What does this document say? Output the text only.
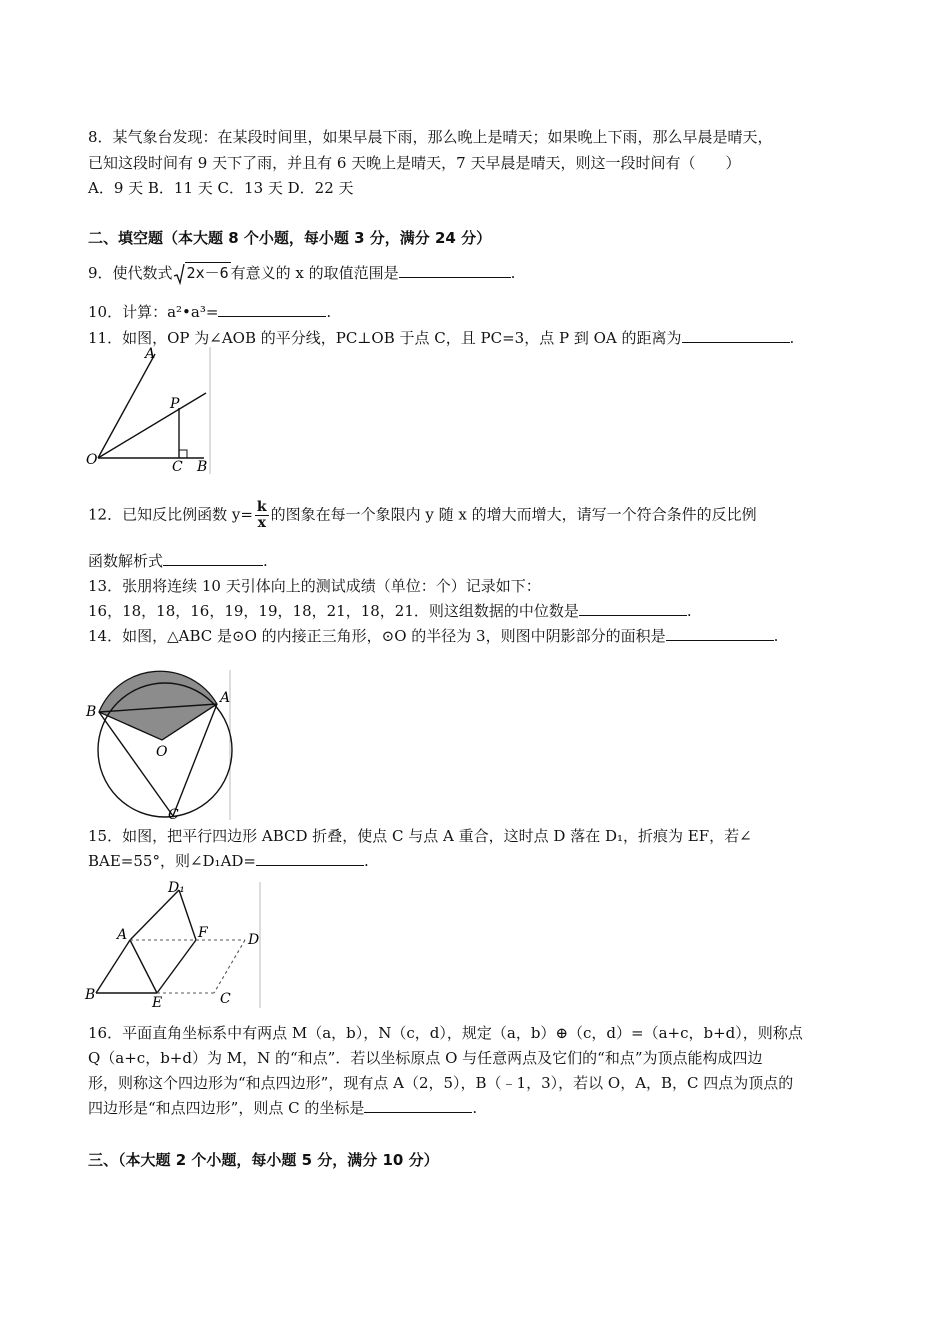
8．某气象台发现：在某段时间里，如果早晨下雨，那么晚上是晴天；如果晚上下雨，那么早晨是晴天，
已知这段时间有 9 天下了雨，并且有 6 天晚上是晴天，7 天早晨是晴天，则这一段时间有（　　）
A．9 天 B．11 天 C．13 天 D．22 天
二、填空题（本大题 8 个小题，每小题 3 分，满分 24 分）
9．使代数式 2x－6 有意义的 x 的取值范围是	.
10．计算：a²•a³=	.
11．如图，OP 为∠AOB 的平分线，PC⊥OB 于点 C，且 PC=3，点 P 到 OA 的距离为	.
A
P
O	C B
12．已知反比例函数 $y= \frac{k}{x}$ 的图象在每一个象限内 y 随 x 的增大而增大，请写一个符合条件的反比例
函数解析式	.
13．张朋将连续 10 天引体向上的测试成绩（单位：个）记录如下：
16，18，18，16，19，19，18，21，18，21．则这组数据的中位数是	.
14．如图，△ABC 是⊙O 的内接正三角形，⊙O 的半径为 3，则图中阴影部分的面积是	.
B
A
O
C
15．如图，把平行四边形 ABCD 折叠，使点 C 与点 A 重合，这时点 D 落在 D₁，折痕为 EF，若∠
BAE=55°，则∠D₁AD=	.
D₁
A	F	D
B	E	C
16．平面直角坐标系中有两点 M（a，b），N（c，d），规定（a，b）⊕（c，d）=（a+c，b+d），则称点
Q（a+c，b+d）为 M，N 的“和点”．若以坐标原点 O 与任意两点及它们的“和点”为顶点能构成四边
形，则称这个四边形为“和点四边形”，现有点 A（2，5），B（﹣1，3），若以 O，A，B，C 四点为顶点的
四边形是“和点四边形”，则点 C 的坐标是	.
三、（本大题 2 个小题，每小题 5 分，满分 10 分）
